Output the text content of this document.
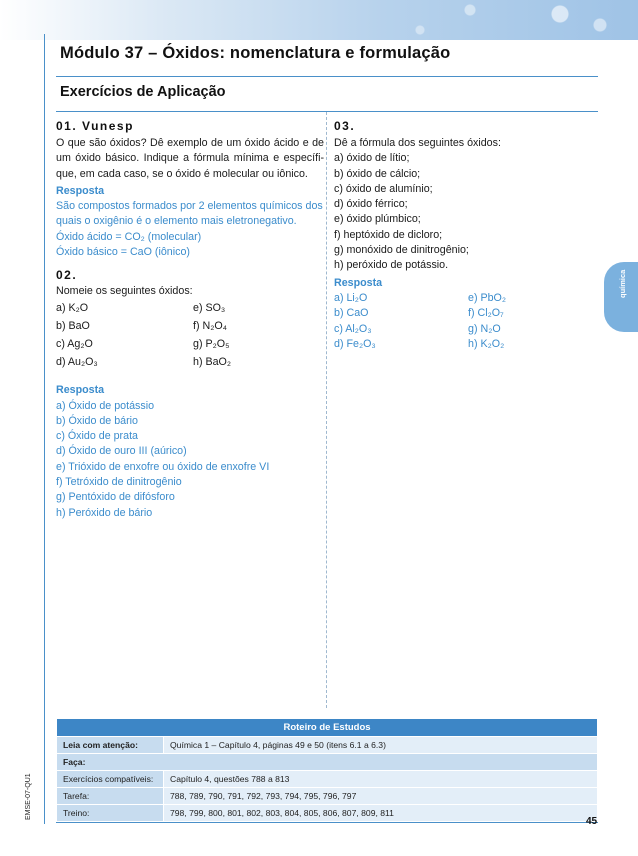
Módulo 37 – Óxidos: nomenclatura e formulação
Exercícios de Aplicação
química
01. Vunesp
O que são óxidos? Dê exemplo de um óxido ácido e de um óxido básico. Indique a fórmula mínima e específi-que, em cada caso, se o óxido é molecular ou iônico.
Resposta
São compostos formados por 2 elementos químicos dos quais o oxigênio é o elemento mais eletronegativo.
Óxido ácido = CO₂ (molecular)
Óxido básico = CaO (iônico)
02.
Nomeie os seguintes óxidos:
a) K₂O	e) SO₃
b) BaO	f) N₂O₄
c) Ag₂O	g) P₂O₅
d) Au₂O₃	h) BaO₂
Resposta
a) Óxido de potássio
b) Óxido de bário
c) Óxido de prata
d) Óxido de ouro III (aúrico)
e) Trióxido de enxofre ou óxido de enxofre VI
f) Tetróxido de dinitrogênio
g) Pentóxido de difósforo
h) Peróxido de bário
03.
Dê a fórmula dos seguintes óxidos:
a) óxido de lítio;
b) óxido de cálcio;
c) óxido de alumínio;
d) óxido férrico;
e) óxido plúmbico;
f) heptóxido de dicloro;
g) monóxido de dinitrogênio;
h) peróxido de potássio.
Resposta
a) Li₂O	e) PbO₂
b) CaO	f) Cl₂O₇
c) Al₂O₃	g) N₂O
d) Fe₂O₃	h) K₂O₂
Roteiro de Estudos	
Leia com atenção:	Química 1 – Capítulo 4, páginas 49 e 50 (itens 6.1 a 6.3)
Faça:	
Exercícios compatíveis:	Capítulo 4, questões 788 a 813
Tarefa:	788, 789, 790, 791, 792, 793, 794, 795, 796, 797
Treino:	798, 799, 800, 801, 802, 803, 804, 805, 806, 807, 809, 811
EMSE-07-QU1
45
